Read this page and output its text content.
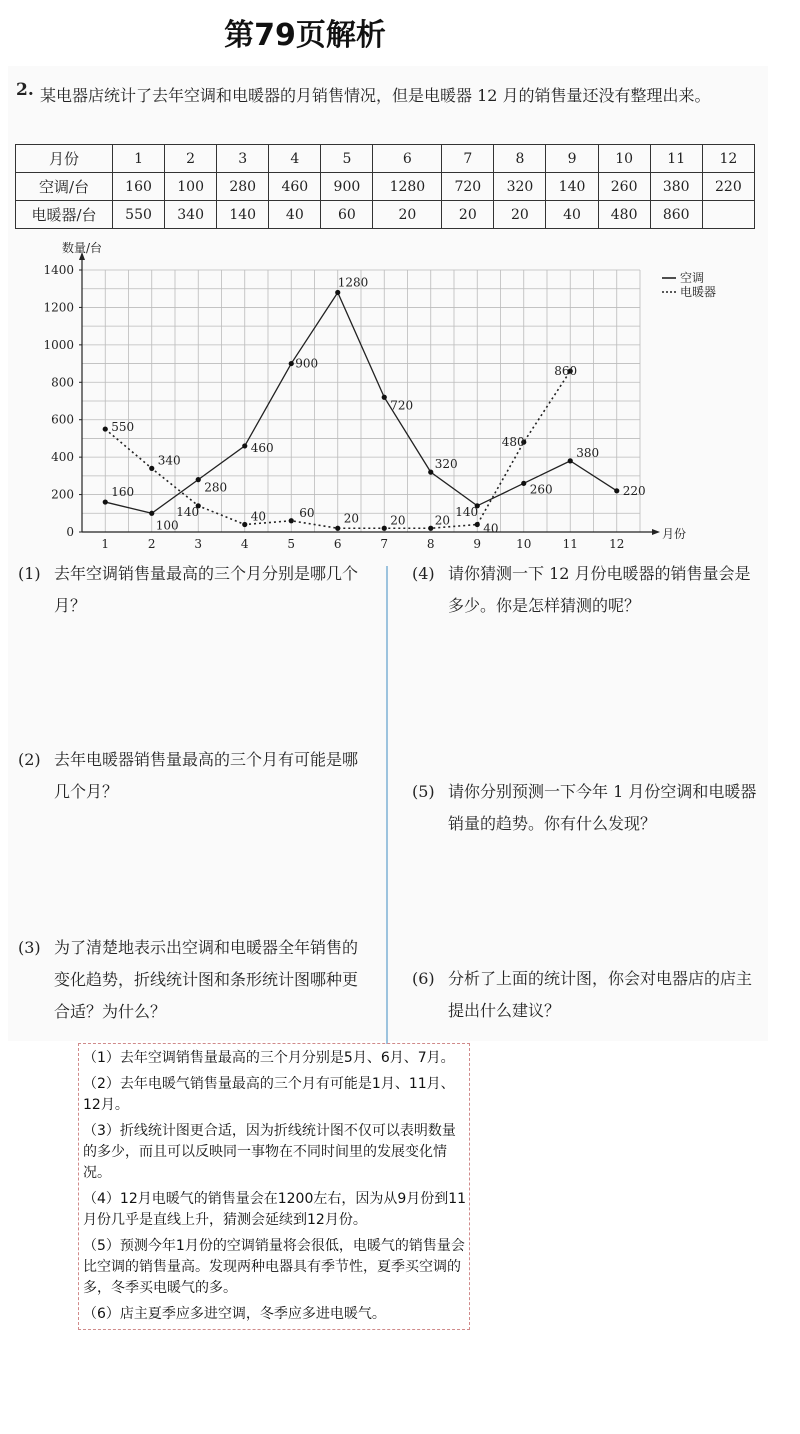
第79页解析
2. 某电器店统计了去年空调和电暖器的月销售情况，但是电暖器 12 月的销售量还没有整理出来。
月份	1	2	3	4	5	6	7	8	9	10	11	12
空调/台	160	100	280	460	900	1280	720	320	140	260	380	220
电暖器/台	550	340	140	40	60	20	20	20	40	480	860	
0
200
400
600
800
1000
1200
1400
1	2	3	4	5	6	7	8	9	10	11	12
数量/台
月份
160
100
280
460
900
1280
720
320
140
260
380
220
550
340
140	40	60 20	20 20
40
480
860
空调
电暖器
(1) 去年空调销售量最高的三个月分别是哪几个月？
(2) 去年电暖器销售量最高的三个月有可能是哪几个月？
(3) 为了清楚地表示出空调和电暖器全年销售的变化趋势，折线统计图和条形统计图哪种更合适？为什么？
(4) 请你猜测一下 12 月份电暖器的销售量会是多少。你是怎样猜测的呢？
(5) 请你分别预测一下今年 1 月份空调和电暖器销量的趋势。你有什么发现？
(6) 分析了上面的统计图，你会对电器店的店主提出什么建议？

（1）去年空调销售量最高的三个月分别是5月、6月、7月。

（2）去年电暖气销售量最高的三个月有可能是1月、11月、12月。

（3）折线统计图更合适，因为折线统计图不仅可以表明数量的多少，而且可以反映同一事物在不同时间里的发展变化情况。

（4）12月电暖气的销售量会在1200左右，因为从9月份到11月份几乎是直线上升，猜测会延续到12月份。

（5）预测今年1月份的空调销量将会很低，电暖气的销售量会比空调的销售量高。发现两种电器具有季节性，夏季买空调的多，冬季买电暖气的多。

（6）店主夏季应多进空调，冬季应多进电暖气。
